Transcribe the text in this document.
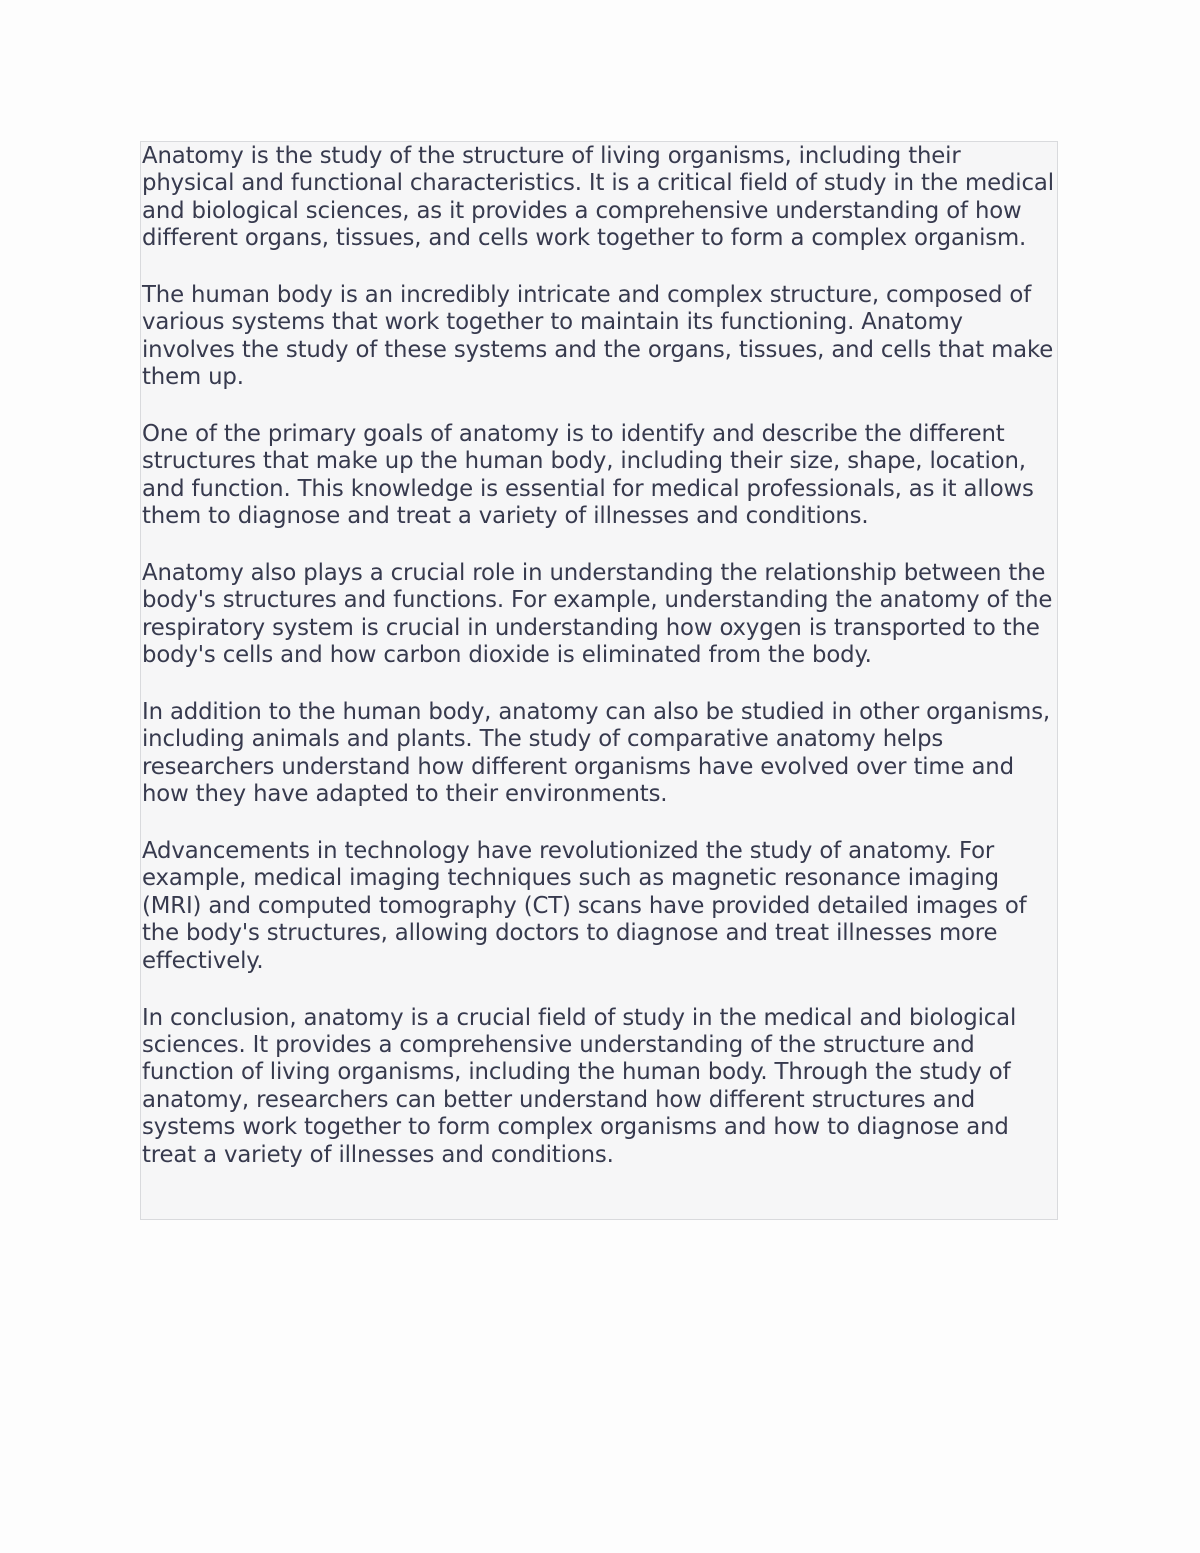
Anatomy is the study of the structure of living organisms, including their physical and functional characteristics. It is a critical field of study in the medical and biological sciences, as it provides a comprehensive understanding of how different organs, tissues, and cells work together to form a complex organism.

The human body is an incredibly intricate and complex structure, composed of various systems that work together to maintain its functioning. Anatomy involves the study of these systems and the organs, tissues, and cells that make them up.

One of the primary goals of anatomy is to identify and describe the different structures that make up the human body, including their size, shape, location, and function. This knowledge is essential for medical professionals, as it allows them to diagnose and treat a variety of illnesses and conditions.

Anatomy also plays a crucial role in understanding the relationship between the body's structures and functions. For example, understanding the anatomy of the respiratory system is crucial in understanding how oxygen is transported to the body's cells and how carbon dioxide is eliminated from the body.

In addition to the human body, anatomy can also be studied in other organisms, including animals and plants. The study of comparative anatomy helps researchers understand how different organisms have evolved over time and how they have adapted to their environments.

Advancements in technology have revolutionized the study of anatomy. For example, medical imaging techniques such as magnetic resonance imaging (MRI) and computed tomography (CT) scans have provided detailed images of the body's structures, allowing doctors to diagnose and treat illnesses more effectively.

In conclusion, anatomy is a crucial field of study in the medical and biological sciences. It provides a comprehensive understanding of the structure and function of living organisms, including the human body. Through the study of anatomy, researchers can better understand how different structures and systems work together to form complex organisms and how to diagnose and treat a variety of illnesses and conditions.
